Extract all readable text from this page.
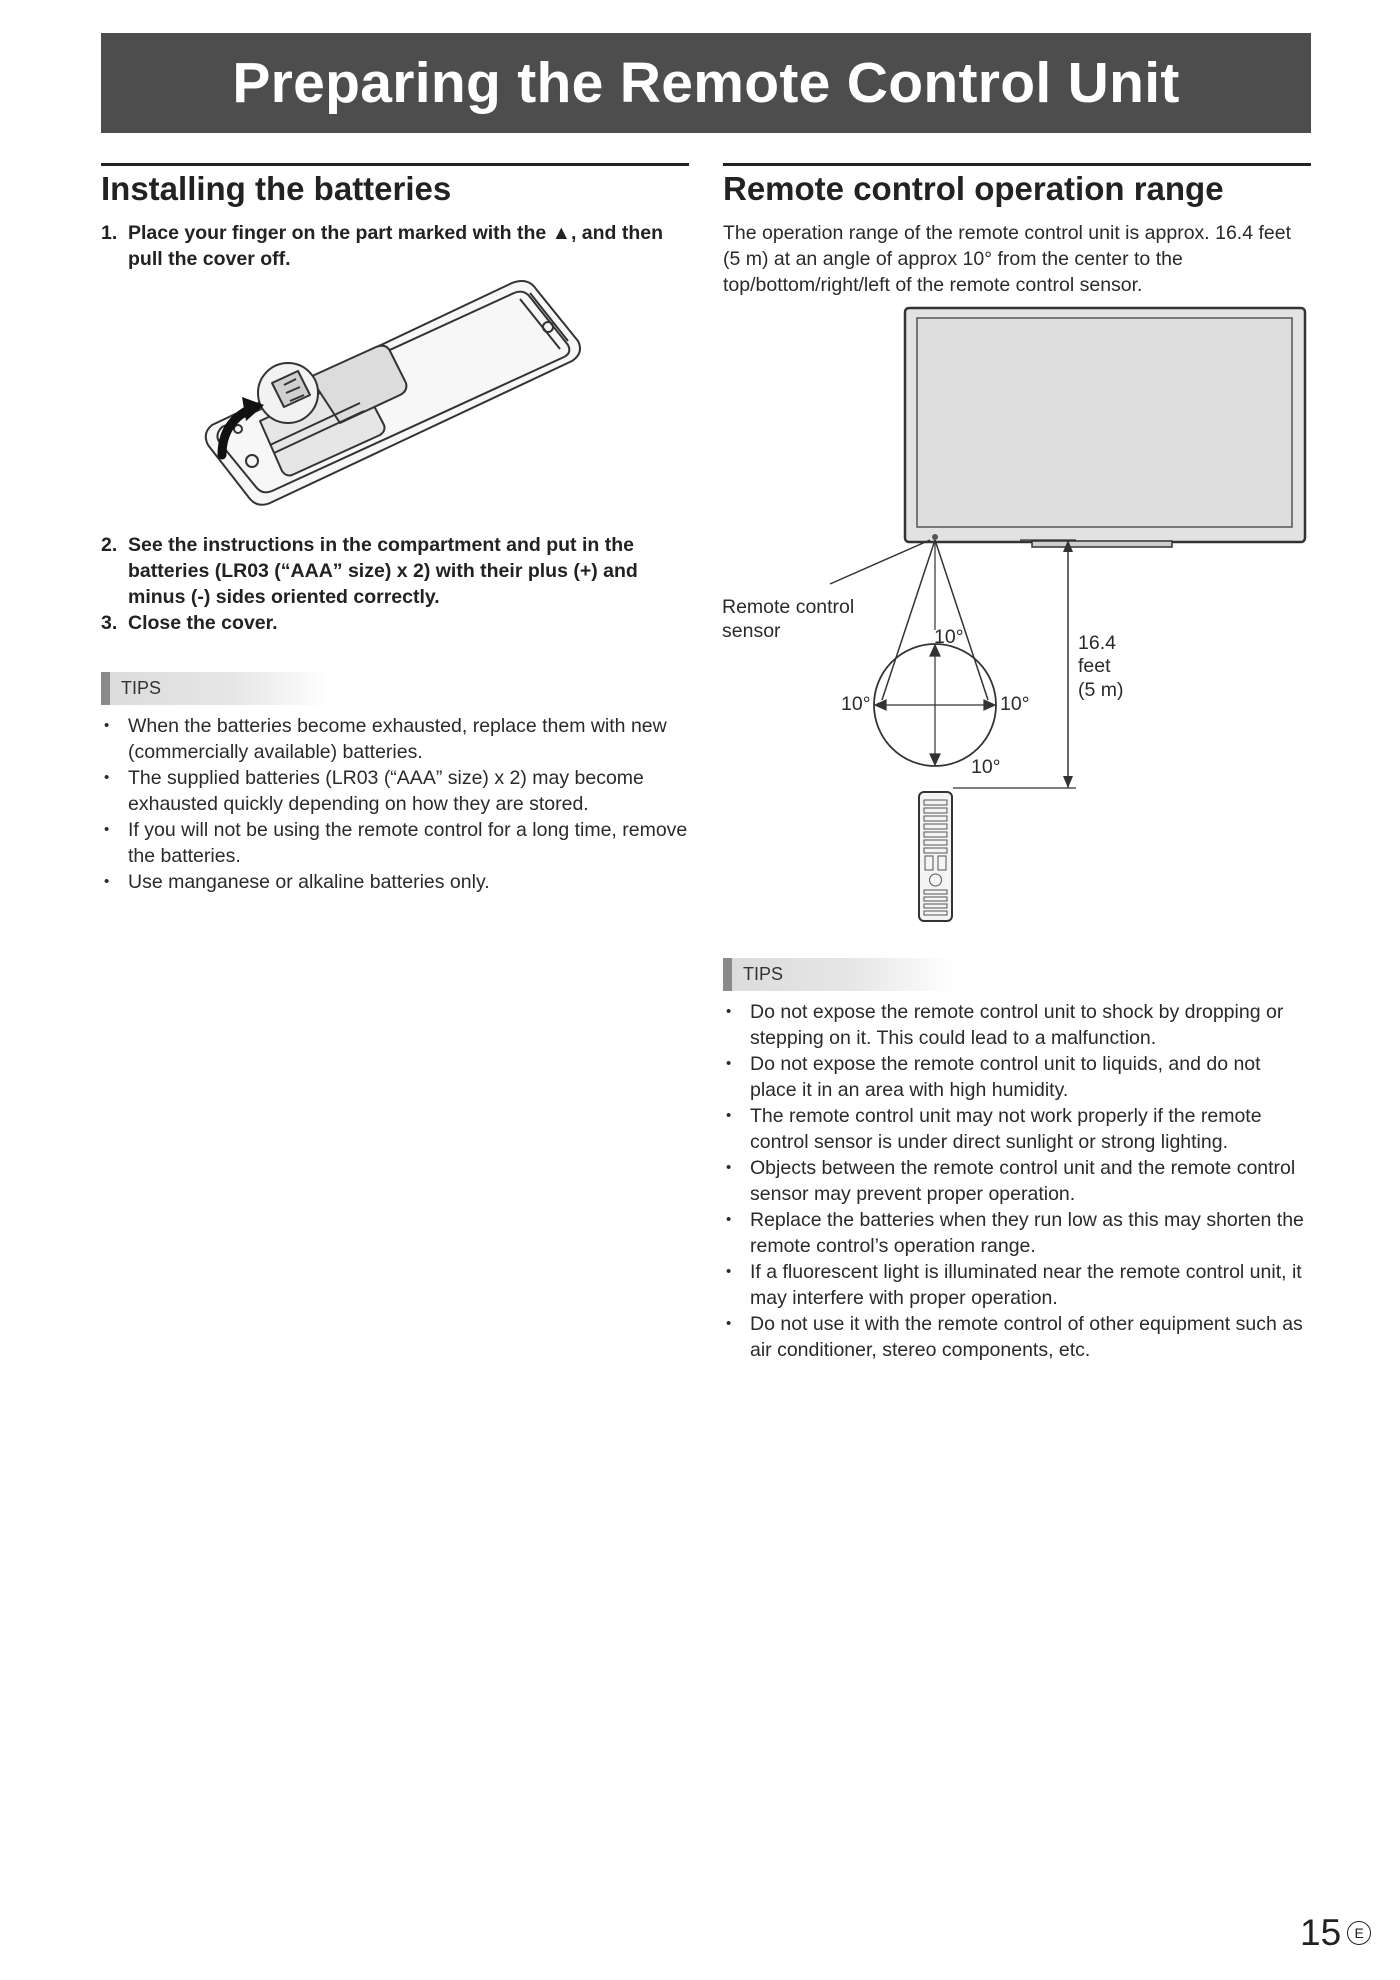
Preparing the Remote Control Unit
Installing the batteries
1. Place your finger on the part marked with the ▲, and then pull the cover off.
2. See the instructions in the compartment and put in the batteries (LR03 (“AAA” size) x 2) with their plus (+) and minus (-) sides oriented correctly.
3. Close the cover.
TIPS
• When the batteries become exhausted, replace them with new (commercially available) batteries.
• The supplied batteries (LR03 (“AAA” size) x 2) may become exhausted quickly depending on how they are stored.
• If you will not be using the remote control for a long time, remove the batteries.
• Use manganese or alkaline batteries only.
Remote control operation range

The operation range of the remote control unit is approx. 16.4 feet (5 m) at an angle of approx 10° from the center to the top/bottom/right/left of the remote control sensor.

Remote control
sensor	10°
10°	10°
10°
16.4
feet
(5 m)
TIPS
• Do not expose the remote control unit to shock by dropping or stepping on it. This could lead to a malfunction.
• Do not expose the remote control unit to liquids, and do not place it in an area with high humidity.
• The remote control unit may not work properly if the remote control sensor is under direct sunlight or strong lighting.
• Objects between the remote control unit and the remote control sensor may prevent proper operation.
• Replace the batteries when they run low as this may shorten the remote control’s operation range.
• If a fluorescent light is illuminated near the remote control unit, it may interfere with proper operation.
• Do not use it with the remote control of other equipment such as air conditioner, stereo components, etc.
15 E
